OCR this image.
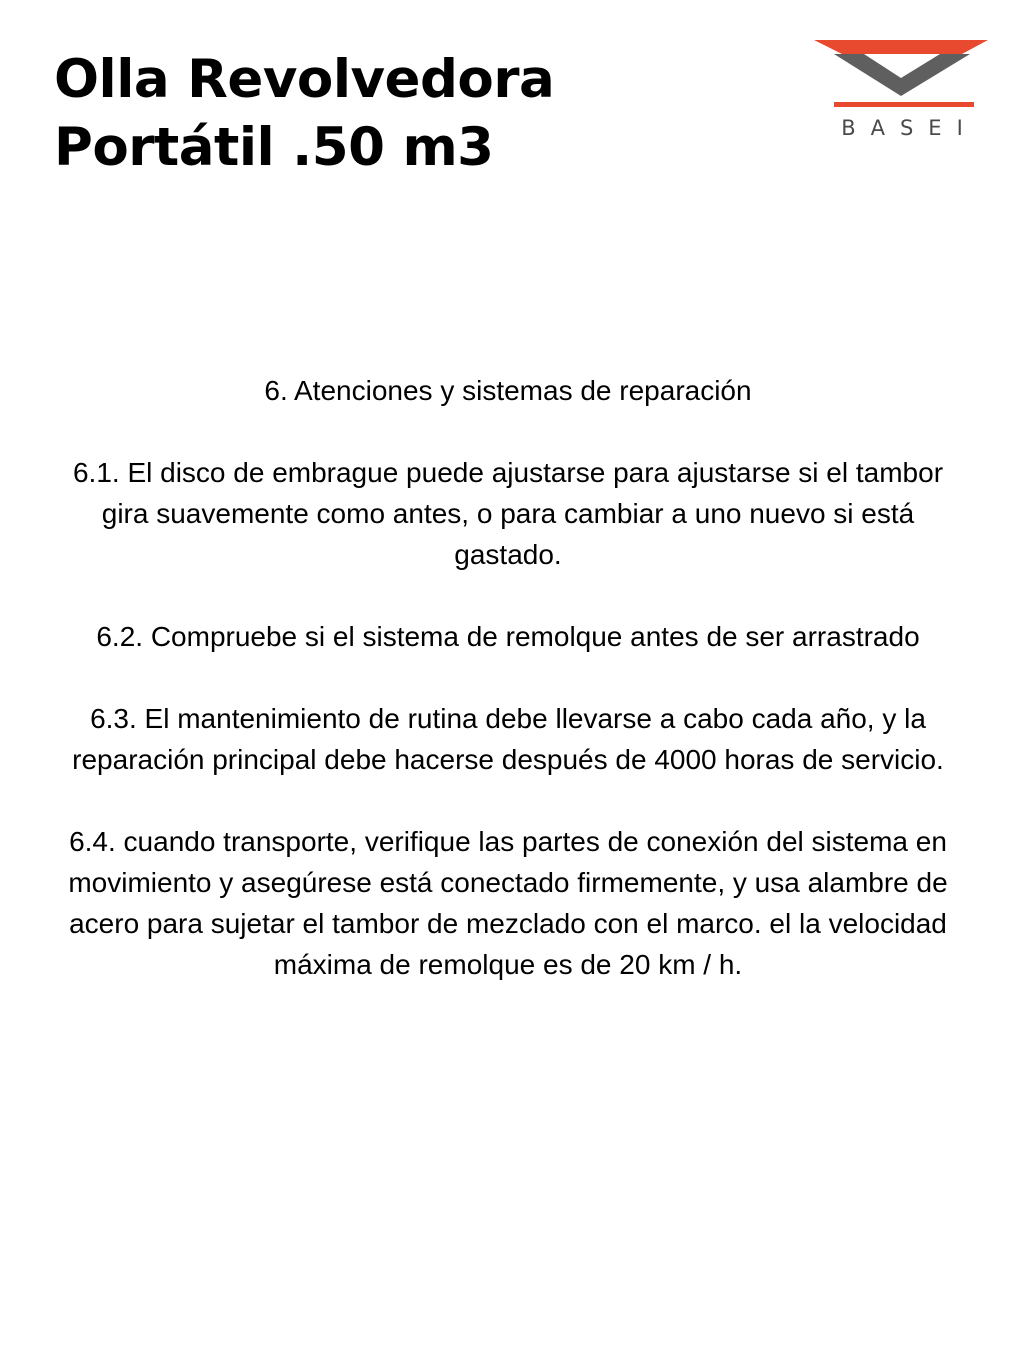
Olla Revolvedora
Portátil .50 m3	BASEI

6. Atenciones y sistemas de reparación

6.1. El disco de embrague puede ajustarse para ajustarse si el tambor gira suavemente como antes, o para cambiar a uno nuevo si está gastado.

6.2. Compruebe si el sistema de remolque antes de ser arrastrado

6.3. El mantenimiento de rutina debe llevarse a cabo cada año, y la reparación principal debe hacerse después de 4000 horas de servicio.

6.4. cuando transporte, verifique las partes de conexión del sistema en movimiento y asegúrese está conectado firmemente, y usa alambre de acero para sujetar el tambor de mezclado con el marco. el la velocidad máxima de remolque es de 20 km / h.
